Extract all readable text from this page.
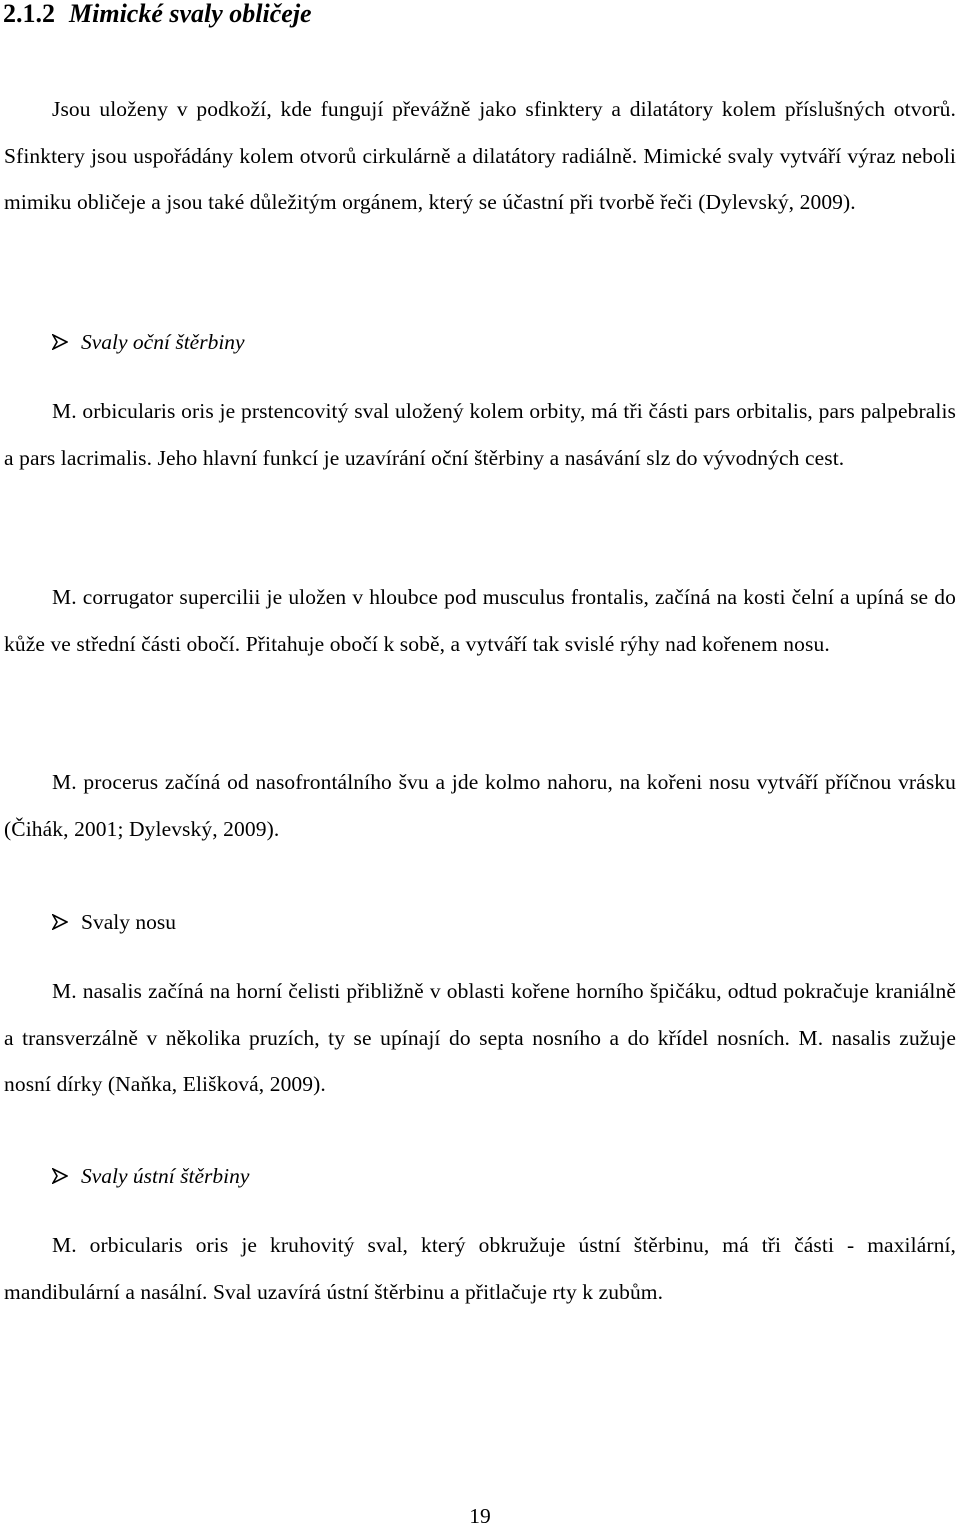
2.1.2 Mimické svaly obličeje

Jsou uloženy v podkoží, kde fungují převážně jako sfinktery a dilatátory kolem příslušných otvorů. Sfinktery jsou uspořádány kolem otvorů cirkulárně a dilatátory radiálně. Mimické svaly vytváří výraz neboli mimiku obličeje a jsou také důležitým orgánem, který se účastní při tvorbě řeči (Dylevský, 2009).

Svaly oční štěrbiny

M. orbicularis oris je prstencovitý sval uložený kolem orbity, má tři části pars orbitalis, pars palpebralis a pars lacrimalis. Jeho hlavní funkcí je uzavírání oční štěrbiny a nasávání slz do vývodných cest.

M. corrugator supercilii je uložen v hloubce pod musculus frontalis, začíná na kosti čelní a upíná se do kůže ve střední části obočí. Přitahuje obočí k sobě, a vytváří tak svislé rýhy nad kořenem nosu.

M. procerus začíná od nasofrontálního švu a jde kolmo nahoru, na kořeni nosu vytváří příčnou vrásku (Čihák, 2001; Dylevský, 2009).

Svaly nosu

M. nasalis začíná na horní čelisti přibližně v oblasti kořene horního špičáku, odtud pokračuje kraniálně a transverzálně v několika pruzích, ty se upínají do septa nosního a do křídel nosních. M. nasalis zužuje nosní dírky (Naňka, Elišková, 2009).

Svaly ústní štěrbiny

M. orbicularis oris je kruhovitý sval, který obkružuje ústní štěrbinu, má tři části - maxilární, mandibulární a nasální. Sval uzavírá ústní štěrbinu a přitlačuje rty k zubům.

19
